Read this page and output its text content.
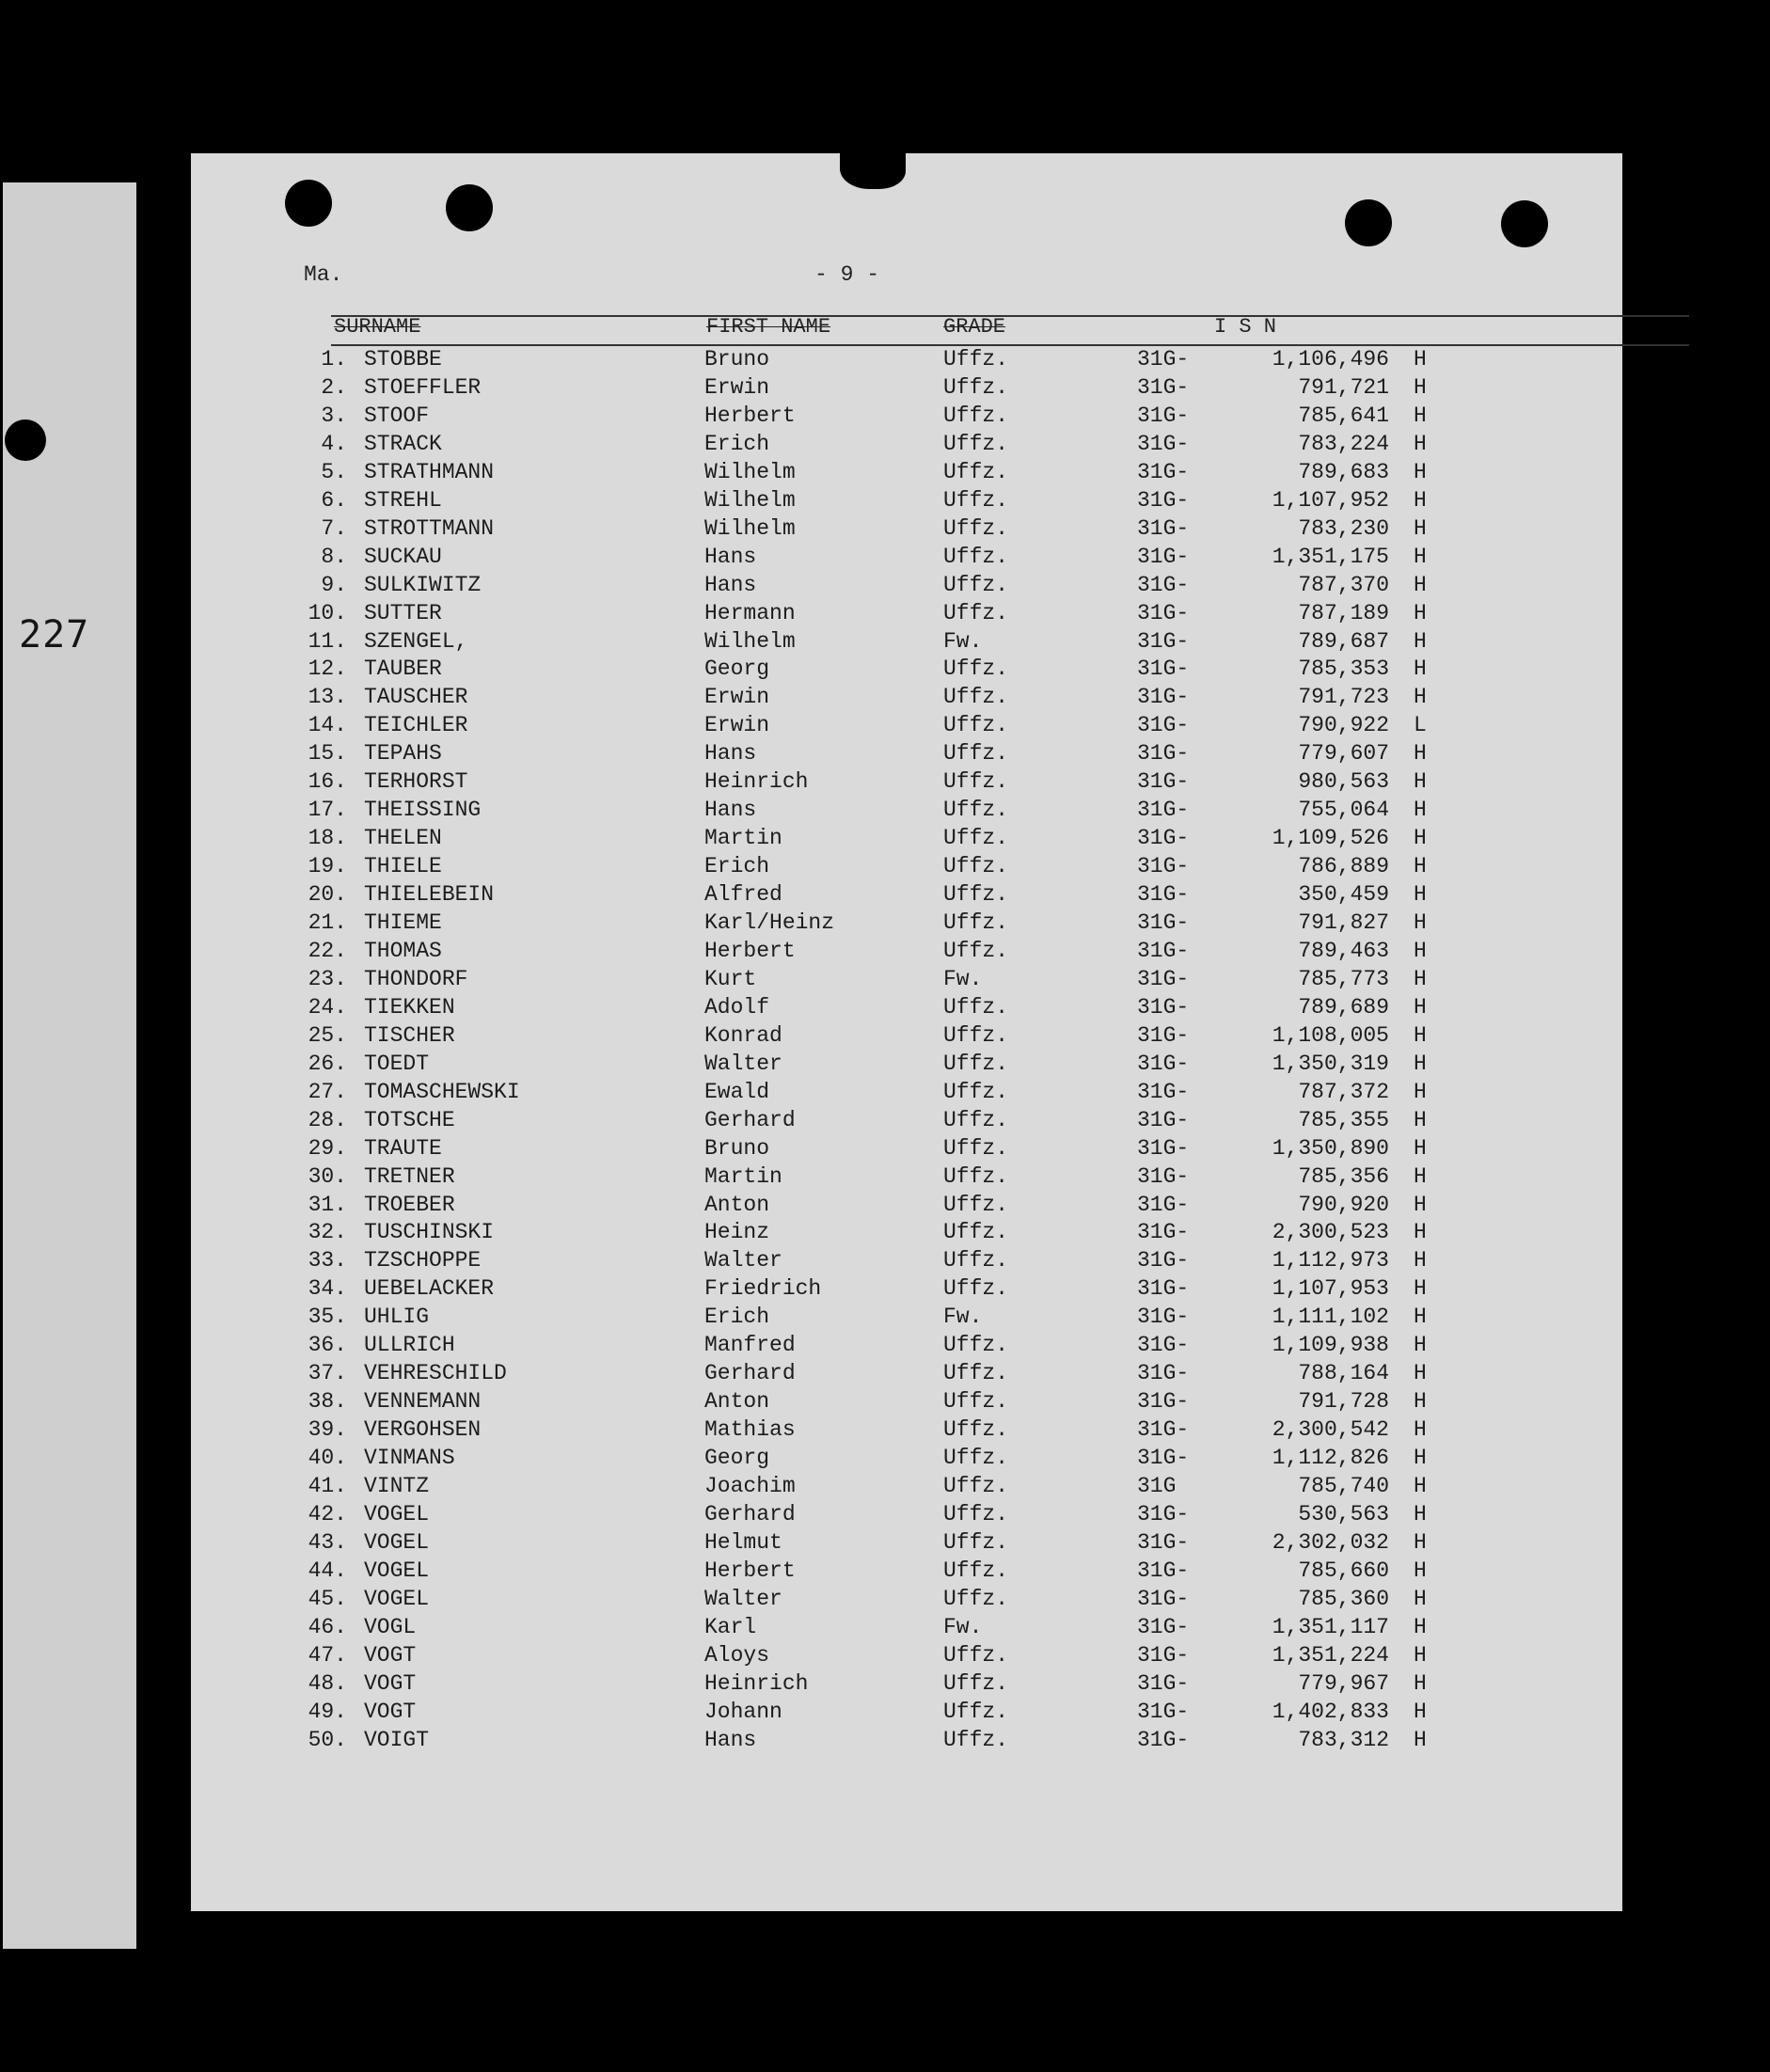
227
Ma.	- 9 -
SURNAME	FIRST NAME	GRADE	I S N
1. STOBBE	Bruno	Uffz.	31G-	1,106,496 H
2. STOEFFLER	Erwin	Uffz.	31G-	791,721 H
3. STOOF	Herbert	Uffz.	31G-	785,641 H
4. STRACK	Erich	Uffz.	31G-	783,224 H
5. STRATHMANN	Wilhelm	Uffz.	31G-	789,683 H
6. STREHL	Wilhelm	Uffz.	31G-	1,107,952 H
7. STROTTMANN	Wilhelm	Uffz.	31G-	783,230 H
8. SUCKAU	Hans	Uffz.	31G-	1,351,175 H
9. SULKIWITZ	Hans	Uffz.	31G-	787,370 H
10. SUTTER	Hermann	Uffz.	31G-	787,189 H
11. SZENGEL,	Wilhelm	Fw.	31G-	789,687 H
12. TAUBER	Georg	Uffz.	31G-	785,353 H
13. TAUSCHER	Erwin	Uffz.	31G-	791,723 H
14. TEICHLER	Erwin	Uffz.	31G-	790,922 L
15. TEPAHS	Hans	Uffz.	31G-	779,607 H
16. TERHORST	Heinrich	Uffz.	31G-	980,563 H
17. THEISSING	Hans	Uffz.	31G-	755,064 H
18. THELEN	Martin	Uffz.	31G-	1,109,526 H
19. THIELE	Erich	Uffz.	31G-	786,889 H
20. THIELEBEIN	Alfred	Uffz.	31G-	350,459 H
21. THIEME	Karl/Heinz	Uffz.	31G-	791,827 H
22. THOMAS	Herbert	Uffz.	31G-	789,463 H
23. THONDORF	Kurt	Fw.	31G-	785,773 H
24. TIEKKEN	Adolf	Uffz.	31G-	789,689 H
25. TISCHER	Konrad	Uffz.	31G-	1,108,005 H
26. TOEDT	Walter	Uffz.	31G-	1,350,319 H
27. TOMASCHEWSKI	Ewald	Uffz.	31G-	787,372 H
28. TOTSCHE	Gerhard	Uffz.	31G-	785,355 H
29. TRAUTE	Bruno	Uffz.	31G-	1,350,890 H
30. TRETNER	Martin	Uffz.	31G-	785,356 H
31. TROEBER	Anton	Uffz.	31G-	790,920 H
32. TUSCHINSKI	Heinz	Uffz.	31G-	2,300,523 H
33. TZSCHOPPE	Walter	Uffz.	31G-	1,112,973 H
34. UEBELACKER	Friedrich	Uffz.	31G-	1,107,953 H
35. UHLIG	Erich	Fw.	31G-	1,111,102 H
36. ULLRICH	Manfred	Uffz.	31G-	1,109,938 H
37. VEHRESCHILD	Gerhard	Uffz.	31G-	788,164 H
38. VENNEMANN	Anton	Uffz.	31G-	791,728 H
39. VERGOHSEN	Mathias	Uffz.	31G-	2,300,542 H
40. VINMANS	Georg	Uffz.	31G-	1,112,826 H
41. VINTZ	Joachim	Uffz.	31G	785,740 H
42. VOGEL	Gerhard	Uffz.	31G-	530,563 H
43. VOGEL	Helmut	Uffz.	31G-	2,302,032 H
44. VOGEL	Herbert	Uffz.	31G-	785,660 H
45. VOGEL	Walter	Uffz.	31G-	785,360 H
46. VOGL	Karl	Fw.	31G-	1,351,117 H
47. VOGT	Aloys	Uffz.	31G-	1,351,224 H
48. VOGT	Heinrich	Uffz.	31G-	779,967 H
49. VOGT	Johann	Uffz.	31G-	1,402,833 H
50. VOIGT	Hans	Uffz.	31G-	783,312 H
